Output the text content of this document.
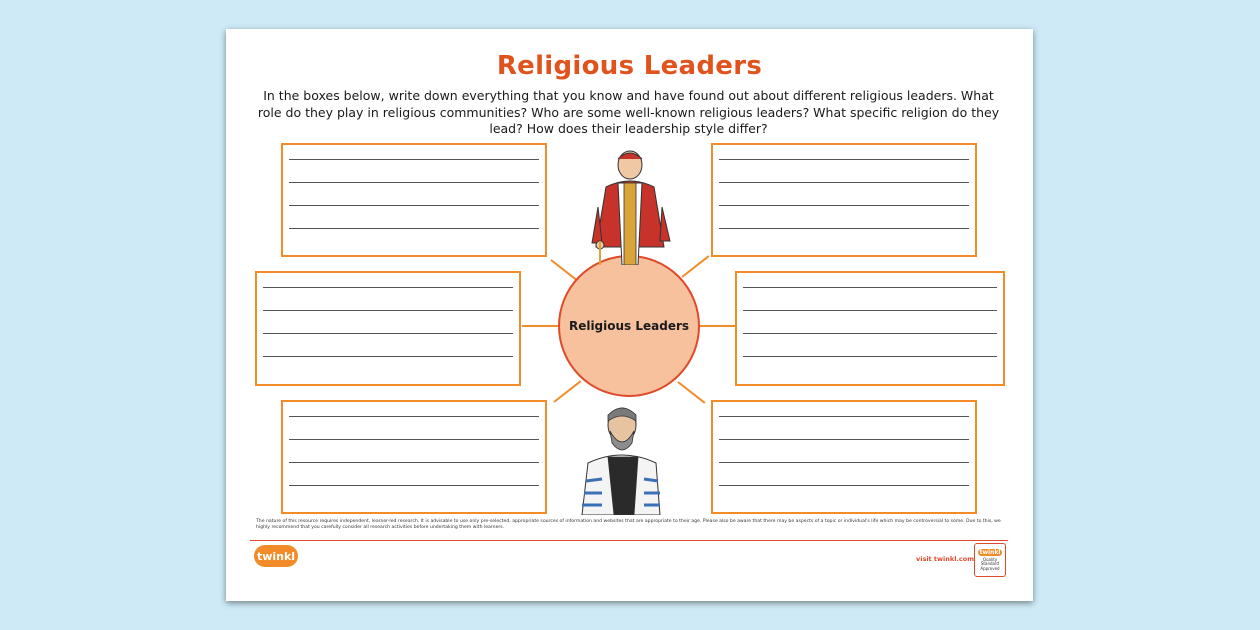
Religious Leaders
In the boxes below, write down everything that you know and have found out about different religious leaders. What role do they play in religious communities? Who are some well-known religious leaders? What specific religion do they lead? How does their leadership style differ?
Religious Leaders
The nature of this resource requires independent, learner-led research. It is advisable to use only pre-selected, appropriate sources of information and websites that are appropriate to their age. Please also be aware that there may be aspects of a topic or individual's life which may be controversial to some. Due to this, we highly recommend that you carefully consider all research activities before undertaking them with learners.
twinkl	visit twinkl.com
twinkl
Quality Standard Approved
